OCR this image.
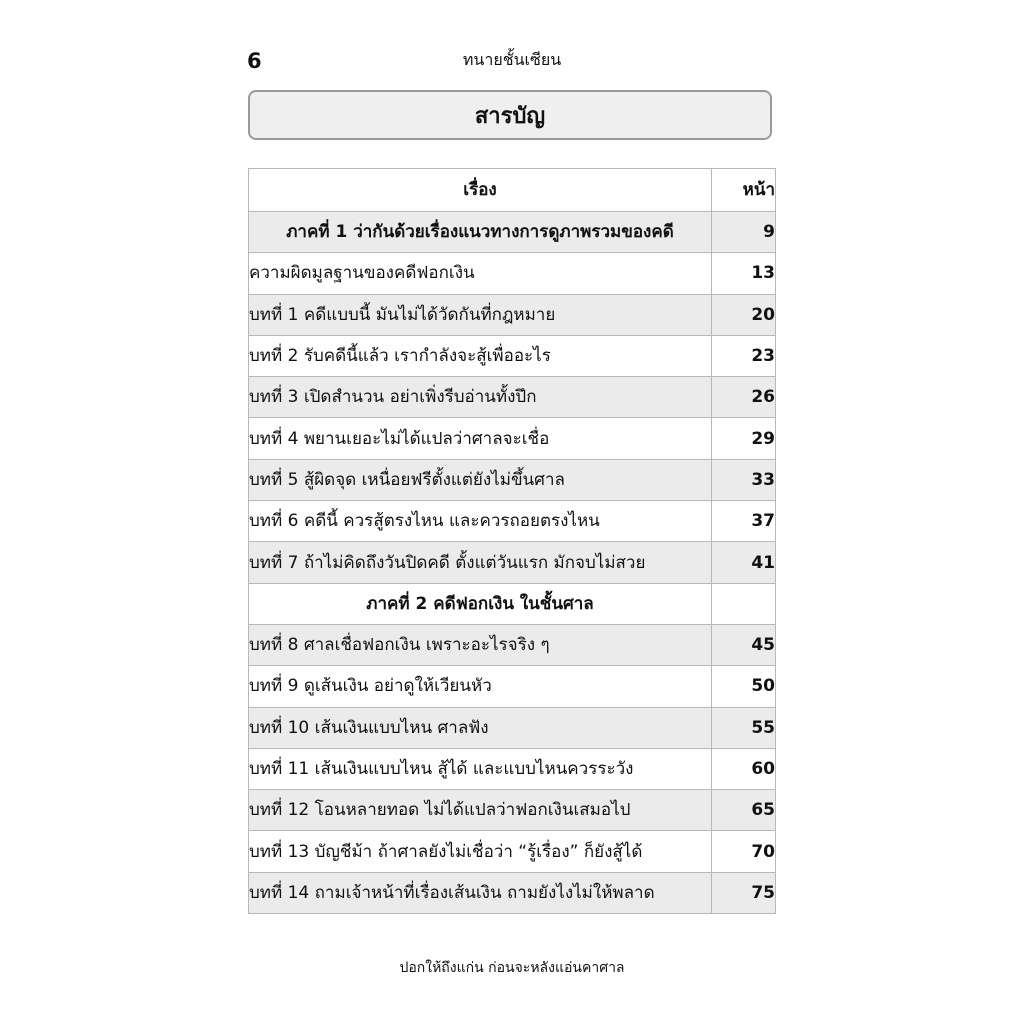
6	ทนายชั้นเซียน
สารบัญ
เรื่อง	หน้า
ภาคที่ 1 ว่ากันด้วยเรื่องแนวทางการดูภาพรวมของคดี	9
ความผิดมูลฐานของคดีฟอกเงิน	13
บทที่ 1 คดีแบบนี้ มันไม่ได้วัดกันที่กฎหมาย	20
บทที่ 2 รับคดีนี้แล้ว เรากำลังจะสู้เพื่ออะไร	23
บทที่ 3 เปิดสำนวน อย่าเพิ่งรีบอ่านทั้งปึก	26
บทที่ 4 พยานเยอะไม่ได้แปลว่าศาลจะเชื่อ	29
บทที่ 5 สู้ผิดจุด เหนื่อยฟรีตั้งแต่ยังไม่ขึ้นศาล	33
บทที่ 6 คดีนี้ ควรสู้ตรงไหน และควรถอยตรงไหน	37
บทที่ 7 ถ้าไม่คิดถึงวันปิดคดี ตั้งแต่วันแรก มักจบไม่สวย	41
ภาคที่ 2 คดีฟอกเงิน ในชั้นศาล	
บทที่ 8 ศาลเชื่อฟอกเงิน เพราะอะไรจริง ๆ	45
บทที่ 9 ดูเส้นเงิน อย่าดูให้เวียนหัว	50
บทที่ 10 เส้นเงินแบบไหน ศาลฟัง	55
บทที่ 11 เส้นเงินแบบไหน สู้ได้ และแบบไหนควรระวัง	60
บทที่ 12 โอนหลายทอด ไม่ได้แปลว่าฟอกเงินเสมอไป	65
บทที่ 13 บัญชีม้า ถ้าศาลยังไม่เชื่อว่า “รู้เรื่อง” ก็ยังสู้ได้	70
บทที่ 14 ถามเจ้าหน้าที่เรื่องเส้นเงิน ถามยังไงไม่ให้พลาด	75
ปอกให้ถึงแก่น ก่อนจะหลังแอ่นคาศาล
